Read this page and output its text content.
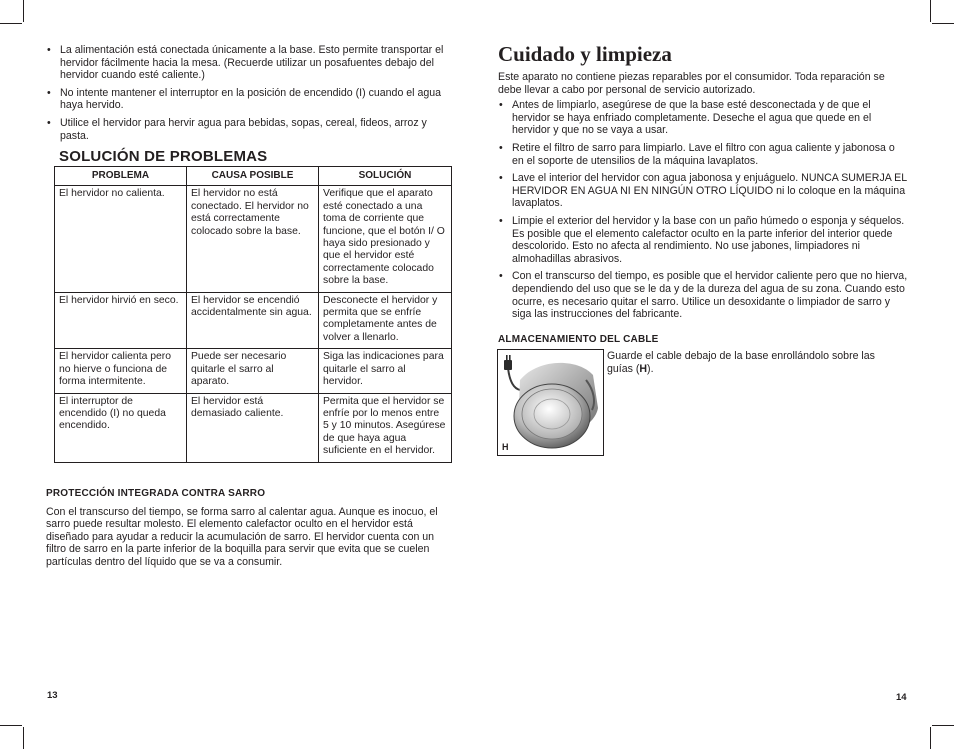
• La alimentación está conectada únicamente a la base. Esto permite transportar el hervidor fácilmente hacia la mesa. (Recuerde utilizar un posafuentes debajo del hervidor cuando esté caliente.)
• No intente mantener el interruptor en la posición de encendido (I) cuando el agua haya hervido.
• Utilice el hervidor para hervir agua para bebidas, sopas, cereal, fideos, arroz y pasta.
SOLUCIÓN DE PROBLEMAS
PROBLEMA	CAUSA POSIBLE	SOLUCIÓN
El hervidor no calienta.	El hervidor no está conectado. El hervidor no está correctamente colocado sobre la base.	Verifique que el aparato esté conectado a una toma de corriente que funcione, que el botón I/ O haya sido presionado y que el hervidor esté correctamente colocado sobre la base.
El hervidor hirvió en seco.	El hervidor se encendió accidentalmente sin agua.	Desconecte el hervidor y permita que se enfríe completamente antes de volver a llenarlo.
El hervidor calienta pero no hierve o funciona de forma intermitente.	Puede ser necesario quitarle el sarro al aparato.	Siga las indicaciones para quitarle el sarro al hervidor.
El interruptor de encendido (I) no queda encendido.	El hervidor está demasiado caliente.	Permita que el hervidor se enfríe por lo menos entre 5 y 10 minutos. Asegúrese de que haya agua suficiente en el hervidor.
PROTECCIÓN INTEGRADA CONTRA SARRO

Con el transcurso del tiempo, se forma sarro al calentar agua. Aunque es inocuo, el sarro puede resultar molesto. El elemento calefactor oculto en el hervidor está diseñado para ayudar a reducir la acumulación de sarro. El hervidor cuenta con un filtro de sarro en la parte inferior de la boquilla para servir que evita que se cuelen partículas dentro del líquido que se va a consumir.

13
Cuidado y limpieza

Este aparato no contiene piezas reparables por el consumidor. Toda reparación se debe llevar a cabo por personal de servicio autorizado.

• Antes de limpiarlo, asegúrese de que la base esté desconectada y de que el hervidor se haya enfriado completamente. Deseche el agua que quede en el hervidor y que no se vaya a usar.
• Retire el filtro de sarro para limpiarlo. Lave el filtro con agua caliente y jabonosa o en el soporte de utensilios de la máquina lavaplatos.
• Lave el interior del hervidor con agua jabonosa y enjuáguelo. NUNCA SUMERJA EL HERVIDOR EN AGUA NI EN NINGÚN OTRO LÍQUIDO ni lo coloque en la máquina lavaplatos.
• Limpie el exterior del hervidor y la base con un paño húmedo o esponja y séquelos. Es posible que el elemento calefactor oculto en la parte inferior del interior quede descolorido. Esto no afecta al rendimiento. No use jabones, limpiadores ni almohadillas abrasivos.
• Con el transcurso del tiempo, es posible que el hervidor caliente pero que no hierva, dependiendo del uso que se le da y de la dureza del agua de su zona. Cuando esto ocurre, es necesario quitar el sarro. Utilice un desoxidante o limpiador de sarro y siga las instrucciones del fabricante.
ALMACENAMIENTO DEL CABLE
H
Guarde el cable debajo de la base enrollándolo sobre las guías (H).
14
